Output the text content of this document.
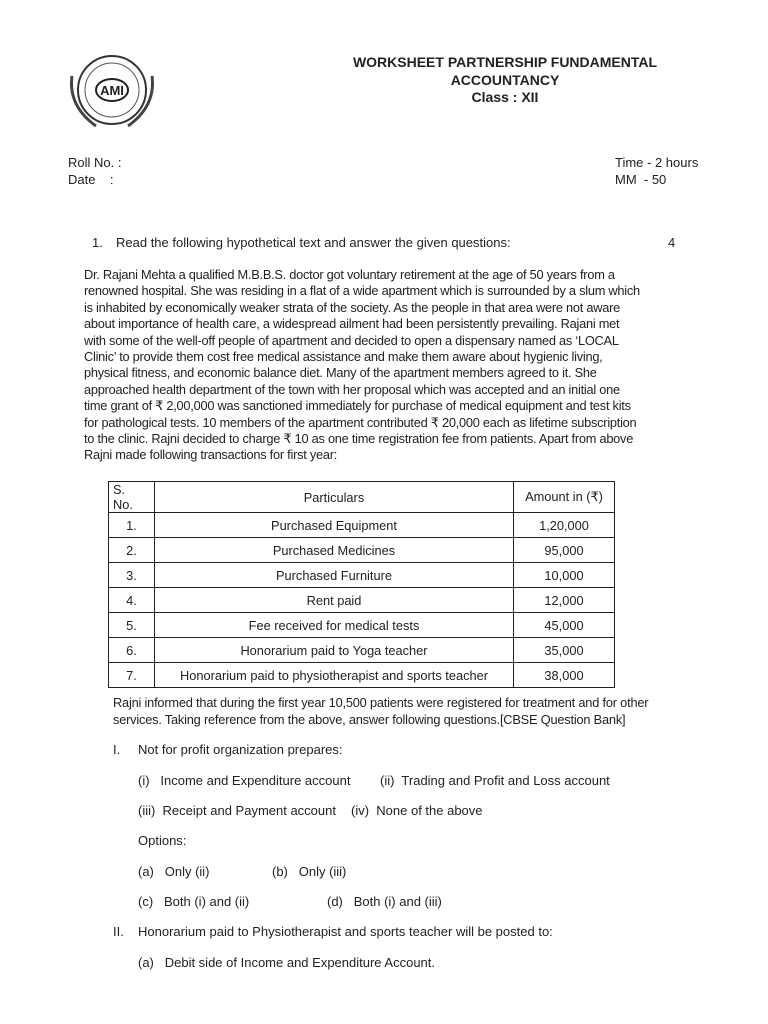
AMI
WORKSHEET PARTNERSHIP FUNDAMENTAL
ACCOUNTANCY
Class : XII
Roll No. :
Date    :
Time - 2 hours
MM  - 50
1. Read the following hypothetical text and answer the given questions:	4
Dr. Rajani Mehta a qualified M.B.B.S. doctor got voluntary retirement at the age of 50 years from a
renowned hospital. She was residing in a flat of a wide apartment which is surrounded by a slum which
is inhabited by economically weaker strata of the society. As the people in that area were not aware
about importance of health care, a widespread ailment had been persistently prevailing. Rajani met
with some of the well-off people of apartment and decided to open a dispensary named as ‘LOCAL
Clinic’ to provide them cost free medical assistance and make them aware about hygienic living,
physical fitness, and economic balance diet. Many of the apartment members agreed to it. She
approached health department of the town with her proposal which was accepted and an initial one
time grant of ₹ 2,00,000 was sanctioned immediately for purchase of medical equipment and test kits
for pathological tests. 10 members of the apartment contributed ₹ 20,000 each as lifetime subscription
to the clinic. Rajni decided to charge ₹ 10 as one time registration fee from patients. Apart from above
Rajni made following transactions for first year:
S. No.	Particulars	Amount in (₹)
1.	Purchased Equipment	1,20,000
2.	Purchased Medicines	95,000
3.	Purchased Furniture	10,000
4.	Rent paid	12,000
5.	Fee received for medical tests	45,000
6.	Honorarium paid to Yoga teacher	35,000
7.	Honorarium paid to physiotherapist and sports teacher	38,000
Rajni informed that during the first year 10,500 patients were registered for treatment and for other
services. Taking reference from the above, answer following questions.[CBSE Question Bank]
I. Not for profit organization prepares:
(i)   Income and Expenditure account (ii)  Trading and Profit and Loss account
(iii)  Receipt and Payment account (iv)  None of the above
Options:
(a)   Only (ii)	(b)   Only (iii)
(c)   Both (i) and (ii)	(d)   Both (i) and (iii)
II. Honorarium paid to Physiotherapist and sports teacher will be posted to:
(a)   Debit side of Income and Expenditure Account.
